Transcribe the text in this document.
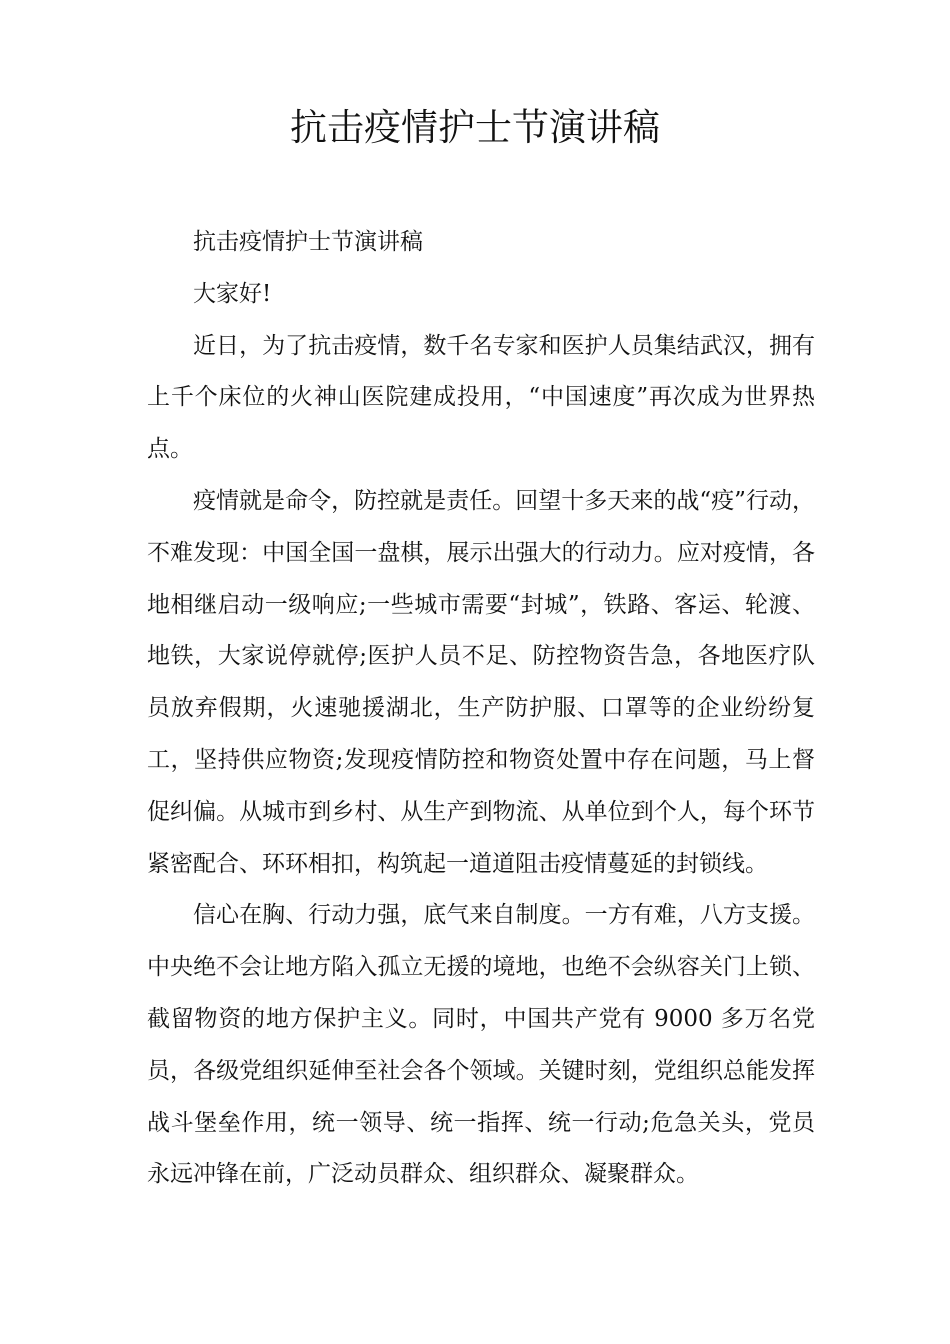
抗击疫情护士节演讲稿

抗击疫情护士节演讲稿

大家好!

近日，为了抗击疫情，数千名专家和医护人员集结武汉，拥有上千个床位的火神山医院建成投用，“中国速度”再次成为世界热点。

疫情就是命令，防控就是责任。回望十多天来的战“疫”行动，不难发现：中国全国一盘棋，展示出强大的行动力。应对疫情，各地相继启动一级响应;一些城市需要“封城”，铁路、客运、轮渡、地铁，大家说停就停;医护人员不足、防控物资告急，各地医疗队员放弃假期，火速驰援湖北，生产防护服、口罩等的企业纷纷复工，坚持供应物资;发现疫情防控和物资处置中存在问题，马上督促纠偏。从城市到乡村、从生产到物流、从单位到个人，每个环节紧密配合、环环相扣，构筑起一道道阻击疫情蔓延的封锁线。

信心在胸、行动力强，底气来自制度。一方有难，八方支援。中央绝不会让地方陷入孤立无援的境地，也绝不会纵容关门上锁、截留物资的地方保护主义。同时，中国共产党有 9000 多万名党员，各级党组织延伸至社会各个领域。关键时刻，党组织总能发挥战斗堡垒作用，统一领导、统一指挥、统一行动;危急关头，党员永远冲锋在前，广泛动员群众、组织群众、凝聚群众。
